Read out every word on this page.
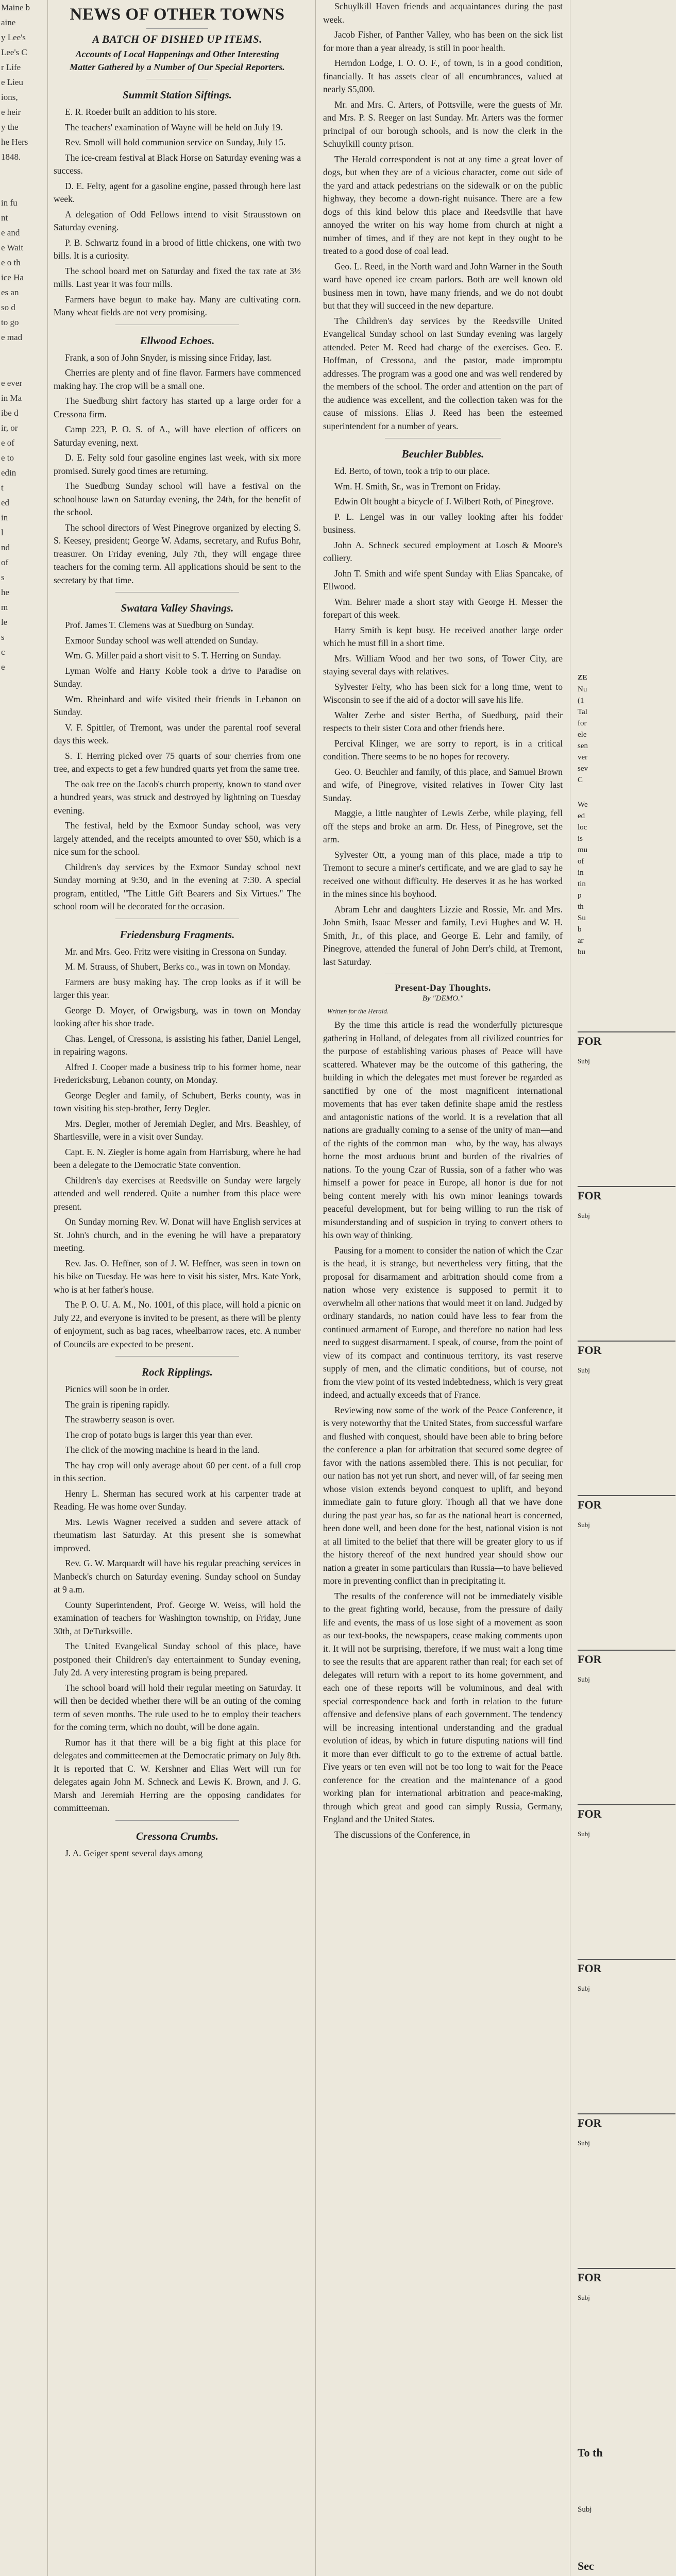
Maine b
aine
y Lee's
Lee's C
r Life
e Lieu
ions,
e heir
y the
he Hers
1848.
in fu
nt
e and
e Wait
e o th
ice Ha
es an
so d
to go
e mad
e ever
in Ma
ibe d
ir, or
e of
e to
edin
t
ed
in
l
nd
of
s
he
m
le
s
c
e
NEWS OF OTHER TOWNS
A BATCH OF DISHED UP ITEMS.
Accounts of Local Happenings and Other Interesting Matter Gathered by a Number of Our Special Reporters.
Summit Station Siftings.

E. R. Roeder built an addition to his store.

The teachers' examination of Wayne will be held on July 19.

Rev. Smoll will hold communion service on Sunday, July 15.

The ice-cream festival at Black Horse on Saturday evening was a success.

D. E. Felty, agent for a gasoline engine, passed through here last week.

A delegation of Odd Fellows intend to visit Strausstown on Saturday evening.

P. B. Schwartz found in a brood of little chickens, one with two bills. It is a curiosity.

The school board met on Saturday and fixed the tax rate at 3½ mills. Last year it was four mills.

Farmers have begun to make hay. Many are cultivating corn. Many wheat fields are not very promising.

Ellwood Echoes.

Frank, a son of John Snyder, is missing since Friday, last.

Cherries are plenty and of fine flavor. Farmers have commenced making hay. The crop will be a small one.

The Suedburg shirt factory has started up a large order for a Cressona firm.

Camp 223, P. O. S. of A., will have election of officers on Saturday evening, next.

D. E. Felty sold four gasoline engines last week, with six more promised. Surely good times are returning.

The Suedburg Sunday school will have a festival on the schoolhouse lawn on Saturday evening, the 24th, for the benefit of the school.

The school directors of West Pinegrove organized by electing S. S. Keesey, president; George W. Adams, secretary, and Rufus Bohr, treasurer. On Friday evening, July 7th, they will engage three teachers for the coming term. All applications should be sent to the secretary by that time.

Swatara Valley Shavings.

Prof. James T. Clemens was at Suedburg on Sunday.

Exmoor Sunday school was well attended on Sunday.

Wm. G. Miller paid a short visit to S. T. Herring on Sunday.

Lyman Wolfe and Harry Koble took a drive to Paradise on Sunday.

Wm. Rheinhard and wife visited their friends in Lebanon on Sunday.

V. F. Spittler, of Tremont, was under the parental roof several days this week.

S. T. Herring picked over 75 quarts of sour cherries from one tree, and expects to get a few hundred quarts yet from the same tree.

The oak tree on the Jacob's church property, known to stand over a hundred years, was struck and destroyed by lightning on Tuesday evening.

The festival, held by the Exmoor Sunday school, was very largely attended, and the receipts amounted to over $50, which is a nice sum for the school.

Children's day services by the Exmoor Sunday school next Sunday morning at 9:30, and in the evening at 7:30. A special program, entitled, "The Little Gift Bearers and Six Virtues." The school room will be decorated for the occasion.

Friedensburg Fragments.

Mr. and Mrs. Geo. Fritz were visiting in Cressona on Sunday.

M. M. Strauss, of Shubert, Berks co., was in town on Monday.

Farmers are busy making hay. The crop looks as if it will be larger this year.

George D. Moyer, of Orwigsburg, was in town on Monday looking after his shoe trade.

Chas. Lengel, of Cressona, is assisting his father, Daniel Lengel, in repairing wagons.

Alfred J. Cooper made a business trip to his former home, near Fredericksburg, Lebanon county, on Monday.

George Degler and family, of Schubert, Berks county, was in town visiting his step-brother, Jerry Degler.

Mrs. Degler, mother of Jeremiah Degler, and Mrs. Beashley, of Shartlesville, were in a visit over Sunday.

Capt. E. N. Ziegler is home again from Harrisburg, where he had been a delegate to the Democratic State convention.

Children's day exercises at Reedsville on Sunday were largely attended and well rendered. Quite a number from this place were present.

On Sunday morning Rev. W. Donat will have English services at St. John's church, and in the evening he will have a preparatory meeting.

Rev. Jas. O. Heffner, son of J. W. Heffner, was seen in town on his bike on Tuesday. He was here to visit his sister, Mrs. Kate York, who is at her father's house.

The P. O. U. A. M., No. 1001, of this place, will hold a picnic on July 22, and everyone is invited to be present, as there will be plenty of enjoyment, such as bag races, wheelbarrow races, etc. A number of Councils are expected to be present.

Rock Ripplings.

Picnics will soon be in order.

The grain is ripening rapidly.

The strawberry season is over.

The crop of potato bugs is larger this year than ever.

The click of the mowing machine is heard in the land.

The hay crop will only average about 60 per cent. of a full crop in this section.

Henry L. Sherman has secured work at his carpenter trade at Reading. He was home over Sunday.

Mrs. Lewis Wagner received a sudden and severe attack of rheumatism last Saturday. At this present she is somewhat improved.

Rev. G. W. Marquardt will have his regular preaching services in Manbeck's church on Saturday evening. Sunday school on Sunday at 9 a.m.

County Superintendent, Prof. George W. Weiss, will hold the examination of teachers for Washington township, on Friday, June 30th, at DeTurksville.

The United Evangelical Sunday school of this place, have postponed their Children's day entertainment to Sunday evening, July 2d. A very interesting program is being prepared.

The school board will hold their regular meeting on Saturday. It will then be decided whether there will be an outing of the coming term of seven months. The rule used to be to employ their teachers for the coming term, which no doubt, will be done again.

Rumor has it that there will be a big fight at this place for delegates and committeemen at the Democratic primary on July 8th. It is reported that C. W. Kershner and Elias Wert will run for delegates again John M. Schneck and Lewis K. Brown, and J. G. Marsh and Jeremiah Herring are the opposing candidates for committeeman.

Cressona Crumbs.

J. A. Geiger spent several days among

Schuylkill Haven friends and acquaintances during the past week.

Jacob Fisher, of Panther Valley, who has been on the sick list for more than a year already, is still in poor health.

Herndon Lodge, I. O. O. F., of town, is in a good condition, financially. It has assets clear of all encumbrances, valued at nearly $5,000.

Mr. and Mrs. C. Arters, of Pottsville, were the guests of Mr. and Mrs. P. S. Reeger on last Sunday. Mr. Arters was the former principal of our borough schools, and is now the clerk in the Schuylkill county prison.

The Herald correspondent is not at any time a great lover of dogs, but when they are of a vicious character, come out side of the yard and attack pedestrians on the sidewalk or on the public highway, they become a down-right nuisance. There are a few dogs of this kind below this place and Reedsville that have annoyed the writer on his way home from church at night a number of times, and if they are not kept in they ought to be treated to a good dose of coal lead.

Geo. L. Reed, in the North ward and John Warner in the South ward have opened ice cream parlors. Both are well known old business men in town, have many friends, and we do not doubt but that they will succeed in the new departure.

The Children's day services by the Reedsville United Evangelical Sunday school on last Sunday evening was largely attended. Peter M. Reed had charge of the exercises. Geo. E. Hoffman, of Cressona, and the pastor, made impromptu addresses. The program was a good one and was well rendered by the members of the school. The order and attention on the part of the audience was excellent, and the collection taken was for the cause of missions. Elias J. Reed has been the esteemed superintendent for a number of years.

Beuchler Bubbles.

Ed. Berto, of town, took a trip to our place.

Wm. H. Smith, Sr., was in Tremont on Friday.

Edwin Olt bought a bicycle of J. Wilbert Roth, of Pinegrove.

P. L. Lengel was in our valley looking after his fodder business.

John A. Schneck secured employment at Losch & Moore's colliery.

John T. Smith and wife spent Sunday with Elias Spancake, of Ellwood.

Wm. Behrer made a short stay with George H. Messer the forepart of this week.

Harry Smith is kept busy. He received another large order which he must fill in a short time.

Mrs. William Wood and her two sons, of Tower City, are staying several days with relatives.

Sylvester Felty, who has been sick for a long time, went to Wisconsin to see if the aid of a doctor will save his life.

Walter Zerbe and sister Bertha, of Suedburg, paid their respects to their sister Cora and other friends here.

Percival Klinger, we are sorry to report, is in a critical condition. There seems to be no hopes for recovery.

Geo. O. Beuchler and family, of this place, and Samuel Brown and wife, of Pinegrove, visited relatives in Tower City last Sunday.

Maggie, a little naughter of Lewis Zerbe, while playing, fell off the steps and broke an arm. Dr. Hess, of Pinegrove, set the arm.

Sylvester Ott, a young man of this place, made a trip to Tremont to secure a miner's certificate, and we are glad to say he received one without difficulty. He deserves it as he has worked in the mines since his boyhood.

Abram Lehr and daughters Lizzie and Rossie, Mr. and Mrs. John Smith, Isaac Messer and family, Levi Hughes and W. H. Smith, Jr., of this place, and George E. Lehr and family, of Pinegrove, attended the funeral of John Derr's child, at Tremont, last Saturday.

Present-Day Thoughts.
By "DEMO."
Written for the Herald.

By the time this article is read the wonderfully picturesque gathering in Holland, of delegates from all civilized countries for the purpose of establishing various phases of Peace will have scattered. Whatever may be the outcome of this gathering, the building in which the delegates met must forever be regarded as sanctified by one of the most magnificent international movements that has ever taken definite shape amid the restless and antagonistic nations of the world. It is a revelation that all nations are gradually coming to a sense of the unity of man—and of the rights of the common man—who, by the way, has always borne the most arduous brunt and burden of the rivalries of nations. To the young Czar of Russia, son of a father who was himself a power for peace in Europe, all honor is due for not being content merely with his own minor leanings towards peaceful development, but for being willing to run the risk of misunderstanding and of suspicion in trying to convert others to his own way of thinking.

Pausing for a moment to consider the nation of which the Czar is the head, it is strange, but nevertheless very fitting, that the proposal for disarmament and arbitration should come from a nation whose very existence is supposed to permit it to overwhelm all other nations that would meet it on land. Judged by ordinary standards, no nation could have less to fear from the continued armament of Europe, and therefore no nation had less need to suggest disarmament. I speak, of course, from the point of view of its compact and continuous territory, its vast reserve supply of men, and the climatic conditions, but of course, not from the view point of its vested indebtedness, which is very great indeed, and actually exceeds that of France.

Reviewing now some of the work of the Peace Conference, it is very noteworthy that the United States, from successful warfare and flushed with conquest, should have been able to bring before the conference a plan for arbitration that secured some degree of favor with the nations assembled there. This is not peculiar, for our nation has not yet run short, and never will, of far seeing men whose vision extends beyond conquest to uplift, and beyond immediate gain to future glory. Though all that we have done during the past year has, so far as the national heart is concerned, been done well, and been done for the best, national vision is not at all limited to the belief that there will be greater glory to us if the history thereof of the next hundred year should show our nation a greater in some particulars than Russia—to have believed more in preventing conflict than in precipitating it.

The results of the conference will not be immediately visible to the great fighting world, because, from the pressure of daily life and events, the mass of us lose sight of a movement as soon as our text-books, the newspapers, cease making comments upon it. It will not be surprising, therefore, if we must wait a long time to see the results that are apparent rather than real; for each set of delegates will return with a report to its home government, and each one of these reports will be voluminous, and deal with special correspondence back and forth in relation to the future offensive and defensive plans of each government. The tendency will be increasing intentional understanding and the gradual evolution of ideas, by which in future disputing nations will find it more than ever difficult to go to the extreme of actual battle. Five years or ten even will not be too long to wait for the Peace conference for the creation and the maintenance of a good working plan for international arbitration and peace-making, through which great and good can simply Russia, Germany, England and the United States.

The discussions of the Conference, in

ZE
Nu
(1
Tal
for
ele
sen
ver
sev
C
We
ed
loc
is
mu
of
in
tin
p
th
Su
b
ar
bu
FOR
Subj
FOR
Subj
FOR
Subj
FOR
Subj
FOR
Subj
FOR
Subj
FOR
Subj
FOR
Subj
FOR
Subj
To th
Subj
Sec
